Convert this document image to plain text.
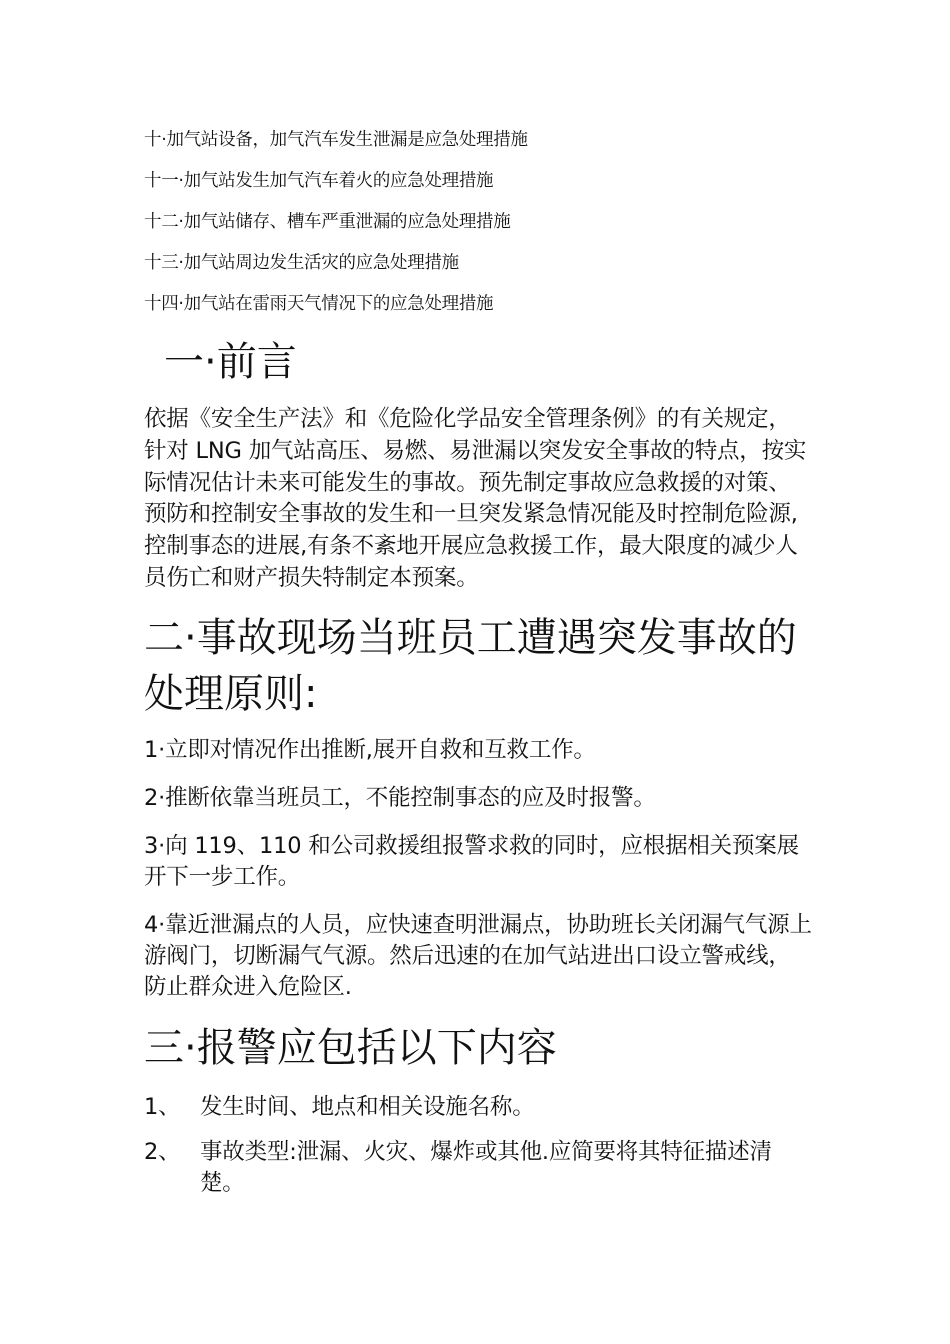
十·加气站设备，加气汽车发生泄漏是应急处理措施
十一·加气站发生加气汽车着火的应急处理措施
十二·加气站储存、槽车严重泄漏的应急处理措施
十三·加气站周边发生活灾的应急处理措施
十四·加气站在雷雨天气情况下的应急处理措施
一·前言

依据《安全生产法》和《危险化学品安全管理条例》的有关规定，针对 LNG 加气站高压、易燃、易泄漏以突发安全事故的特点，按实际情况估计未来可能发生的事故。预先制定事故应急救援的对策、预防和控制安全事故的发生和一旦突发紧急情况能及时控制危险源,控制事态的进展,有条不紊地开展应急救援工作，最大限度的减少人员伤亡和财产损失特制定本预案。

二·事故现场当班员工遭遇突发事故的处理原则:

1·立即对情况作出推断,展开自救和互救工作。

2·推断依靠当班员工，不能控制事态的应及时报警。

3·向 119、110 和公司救援组报警求救的同时，应根据相关预案展开下一步工作。

4·靠近泄漏点的人员，应快速查明泄漏点，协助班长关闭漏气气源上游阀门，切断漏气气源。然后迅速的在加气站进出口设立警戒线，防止群众进入危险区.

三·报警应包括以下内容
1、 发生时间、地点和相关设施名称。
2、 事故类型:泄漏、火灾、爆炸或其他.应简要将其特征描述清楚。
